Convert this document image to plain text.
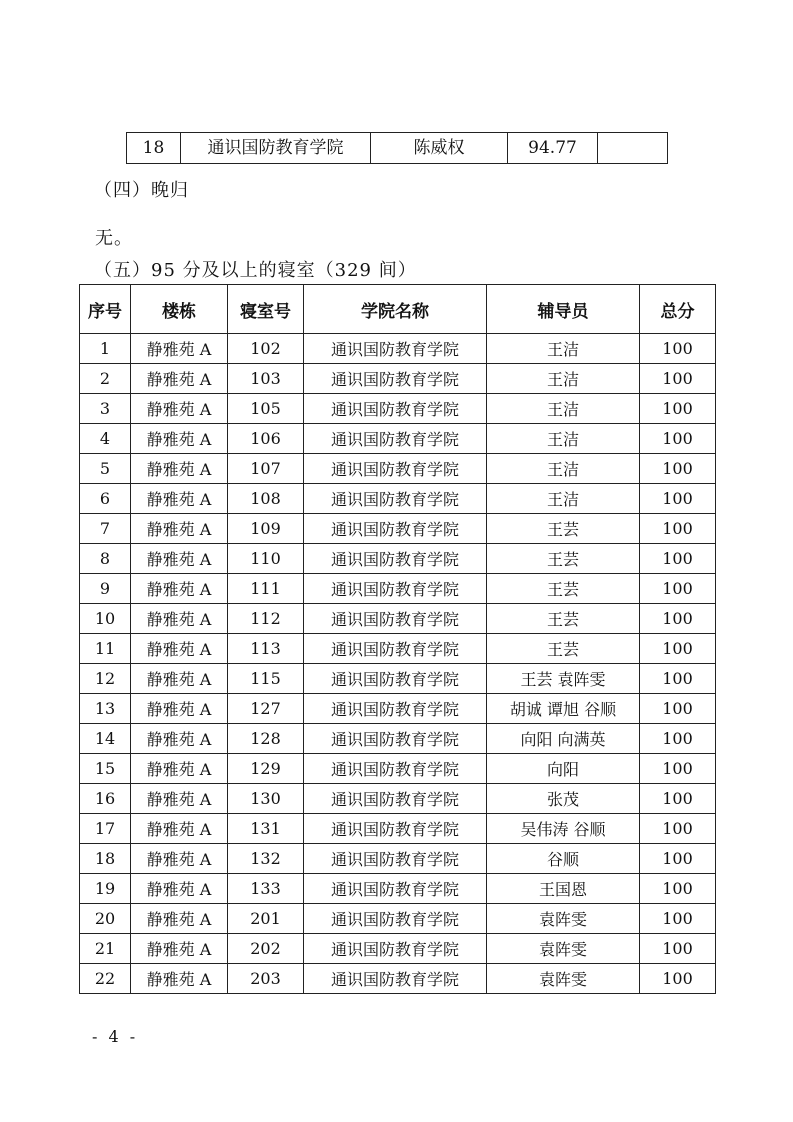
18	通识国防教育学院	陈威权	94.77	
（四）晚归
无。
（五）95 分及以上的寝室（329 间）
序号	楼栋	寝室号	学院名称	辅导员	总分
1	静雅苑 A	102	通识国防教育学院	王洁	100
2	静雅苑 A	103	通识国防教育学院	王洁	100
3	静雅苑 A	105	通识国防教育学院	王洁	100
4	静雅苑 A	106	通识国防教育学院	王洁	100
5	静雅苑 A	107	通识国防教育学院	王洁	100
6	静雅苑 A	108	通识国防教育学院	王洁	100
7	静雅苑 A	109	通识国防教育学院	王芸	100
8	静雅苑 A	110	通识国防教育学院	王芸	100
9	静雅苑 A	111	通识国防教育学院	王芸	100
10	静雅苑 A	112	通识国防教育学院	王芸	100
11	静雅苑 A	113	通识国防教育学院	王芸	100
12	静雅苑 A	115	通识国防教育学院	王芸 袁阵雯	100
13	静雅苑 A	127	通识国防教育学院	胡诚 谭旭 谷顺	100
14	静雅苑 A	128	通识国防教育学院	向阳 向满英	100
15	静雅苑 A	129	通识国防教育学院	向阳	100
16	静雅苑 A	130	通识国防教育学院	张茂	100
17	静雅苑 A	131	通识国防教育学院	吴伟涛 谷顺	100
18	静雅苑 A	132	通识国防教育学院	谷顺	100
19	静雅苑 A	133	通识国防教育学院	王国恩	100
20	静雅苑 A	201	通识国防教育学院	袁阵雯	100
21	静雅苑 A	202	通识国防教育学院	袁阵雯	100
22	静雅苑 A	203	通识国防教育学院	袁阵雯	100
- 4 -
